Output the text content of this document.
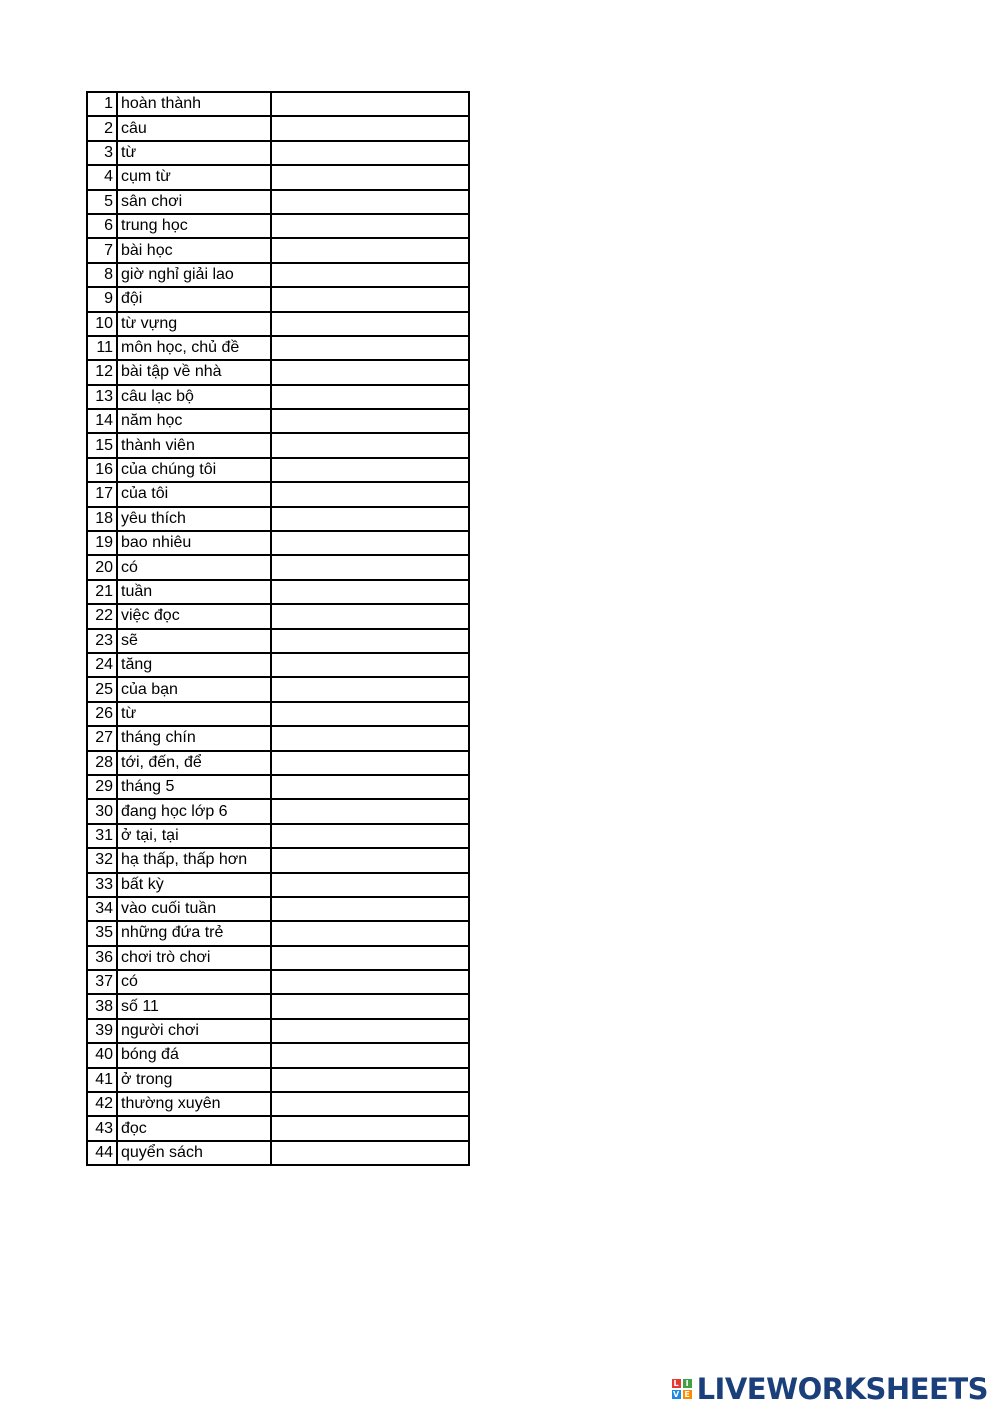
1	hoàn thành	
2	câu	
3	từ	
4	cụm từ	
5	sân chơi	
6	trung học	
7	bài học	
8	giờ nghỉ giải lao	
9	đội	
10	từ vựng	
11	môn học, chủ đề	
12	bài tập về nhà	
13	câu lạc bộ	
14	năm học	
15	thành viên	
16	của chúng tôi	
17	của tôi	
18	yêu thích	
19	bao nhiêu	
20	có	
21	tuần	
22	việc đọc	
23	sẽ	
24	tăng	
25	của bạn	
26	từ	
27	tháng chín	
28	tới, đến, để	
29	tháng 5	
30	đang học lớp 6	
31	ở tại, tại	
32	hạ thấp, thấp hơn	
33	bất kỳ	
34	vào cuối tuần	
35	những đứa trẻ	
36	chơi trò chơi	
37	có	
38	số 11	
39	người chơi	
40	bóng đá	
41	ở trong	
42	thường xuyên	
43	đọc	
44	quyển sách	
L I
V E LIVEWORKSHEETS
